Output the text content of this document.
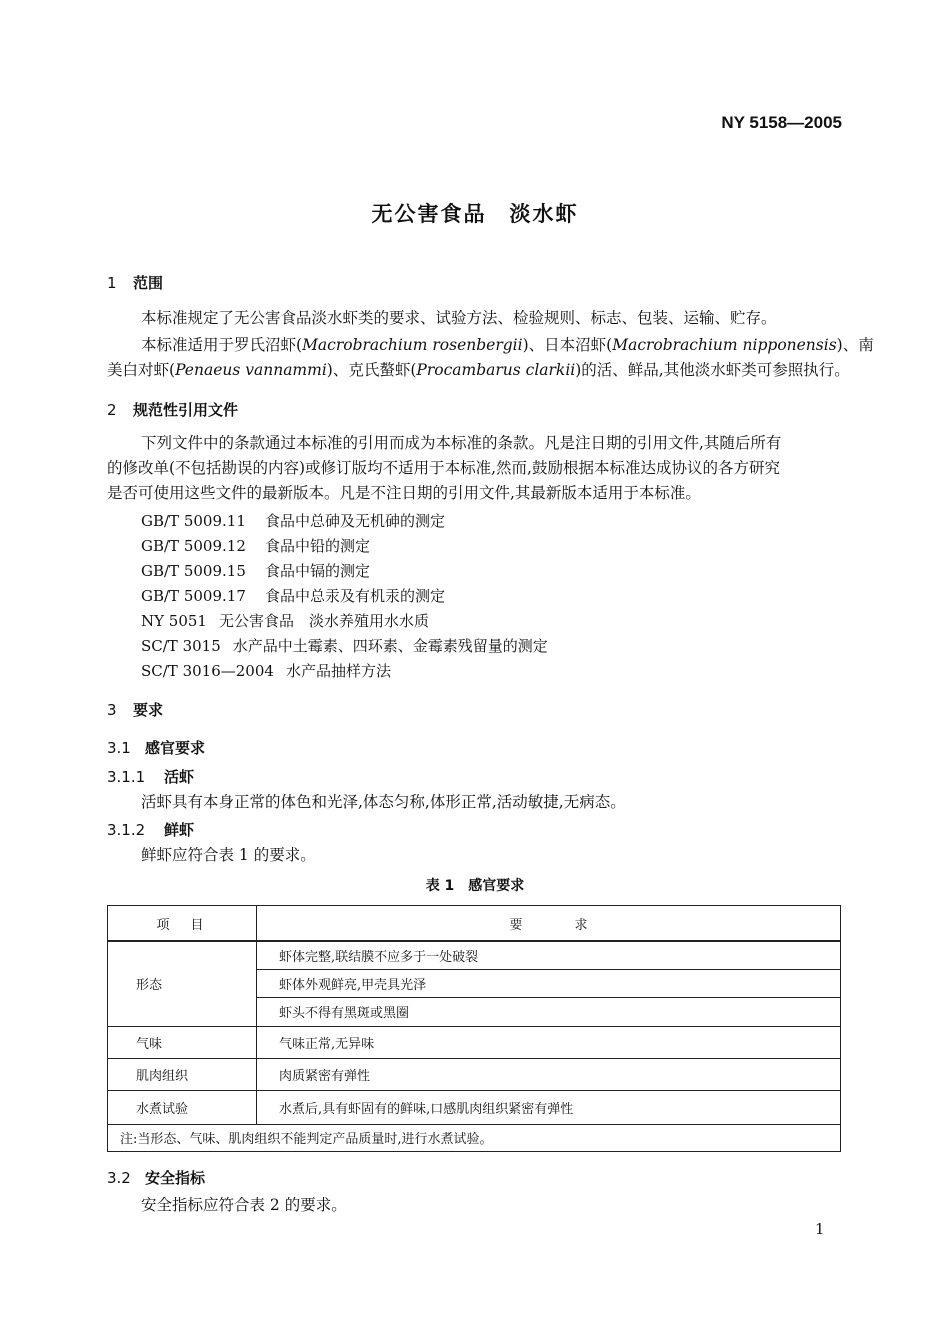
NY 5158—2005
无公害食品　淡水虾
1 范围
本标准规定了无公害食品淡水虾类的要求、试验方法、检验规则、标志、包装、运输、贮存。
本标准适用于罗氏沼虾(Macrobrachium rosenbergii)、日本沼虾(Macrobrachium nipponensis)、南
美白对虾(Penaeus vannammi)、克氏螯虾(Procambarus clarkii)的活、鲜品,其他淡水虾类可参照执行。
2 规范性引用文件
下列文件中的条款通过本标准的引用而成为本标准的条款。凡是注日期的引用文件,其随后所有
的修改单(不包括勘误的内容)或修订版均不适用于本标准,然而,鼓励根据本标准达成协议的各方研究
是否可使用这些文件的最新版本。凡是不注日期的引用文件,其最新版本适用于本标准。
GB/T 5009.11 食品中总砷及无机砷的测定
GB/T 5009.12 食品中铅的测定
GB/T 5009.15 食品中镉的测定
GB/T 5009.17 食品中总汞及有机汞的测定
NY 5051 无公害食品　淡水养殖用水水质
SC/T 3015 水产品中土霉素、四环素、金霉素残留量的测定
SC/T 3016—2004 水产品抽样方法
3 要求
3.1 感官要求
3.1.1 活虾
活虾具有本身正常的体色和光泽,体态匀称,体形正常,活动敏捷,无病态。
3.1.2 鲜虾
鲜虾应符合表 1 的要求。
表 1　感官要求
项　目	要　　　　求
形态	虾体完整,联结膜不应多于一处破裂
	虾体外观鲜亮,甲壳具光泽
	虾头不得有黑斑或黑圈
气味	气味正常,无异味
肌肉组织	肉质紧密有弹性
水煮试验	水煮后,具有虾固有的鲜味,口感肌肉组织紧密有弹性
注:当形态、气味、肌肉组织不能判定产品质量时,进行水煮试验。	
3.2 安全指标
安全指标应符合表 2 的要求。
1
